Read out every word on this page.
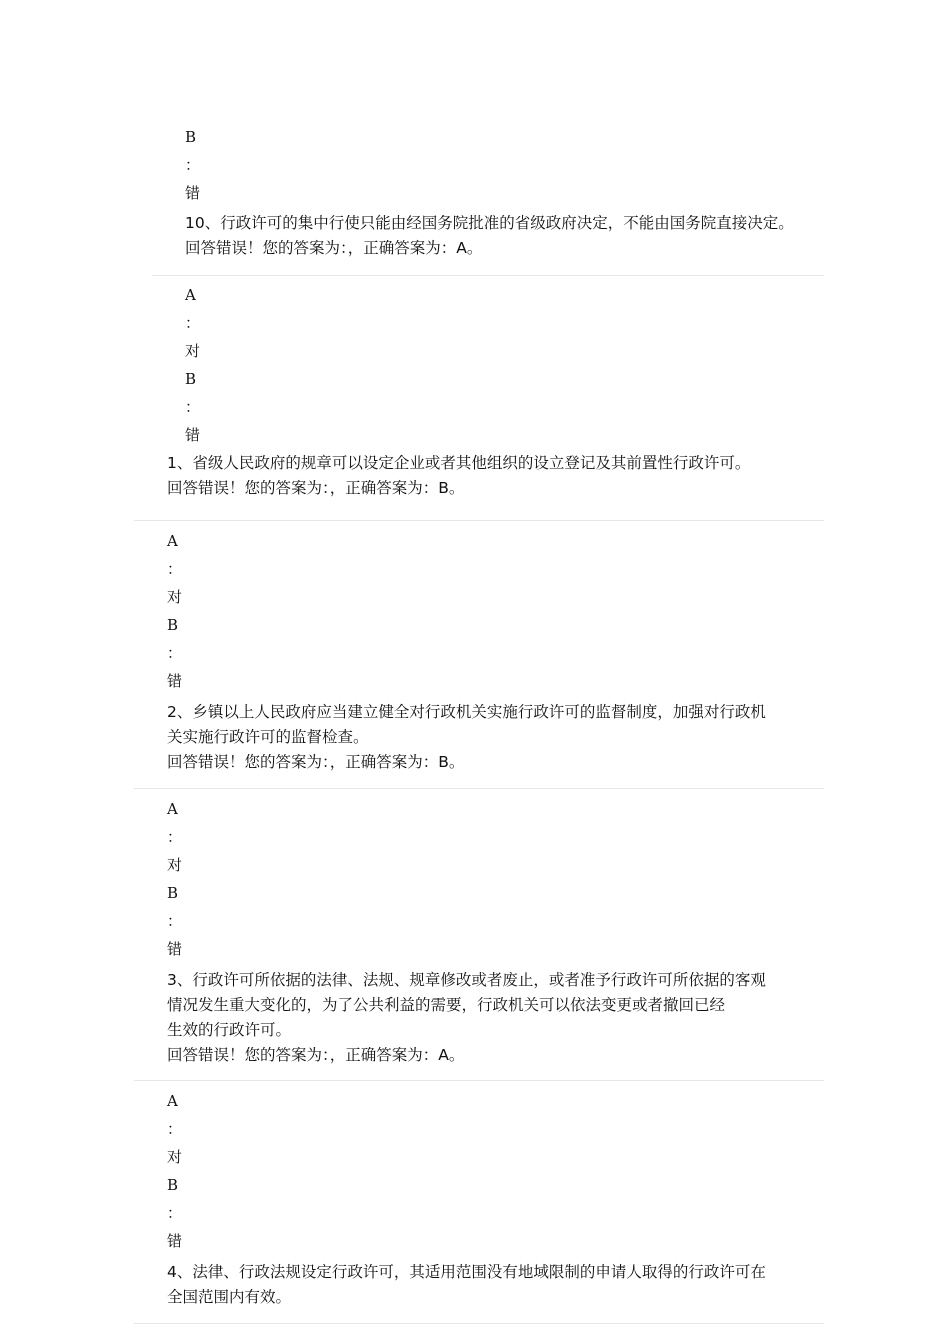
B
：
错
10、行政许可的集中行使只能由经国务院批准的省级政府决定，不能由国务院直接决定。
回答错误！您的答案为：，正确答案为：A。
A
：
对
B
：
错
1、省级人民政府的规章可以设定企业或者其他组织的设立登记及其前置性行政许可。
回答错误！您的答案为：，正确答案为：B。
A
：
对
B
：
错
2、乡镇以上人民政府应当建立健全对行政机关实施行政许可的监督制度，加强对行政机
关实施行政许可的监督检查。
回答错误！您的答案为：，正确答案为：B。
A
：
对
B
：
错
3、行政许可所依据的法律、法规、规章修改或者废止，或者准予行政许可所依据的客观
情况发生重大变化的，为了公共利益的需要，行政机关可以依法变更或者撤回已经
生效的行政许可。
回答错误！您的答案为：，正确答案为：A。
A
：
对
B
：
错
4、法律、行政法规设定行政许可，其适用范围没有地域限制的申请人取得的行政许可在
全国范围内有效。
